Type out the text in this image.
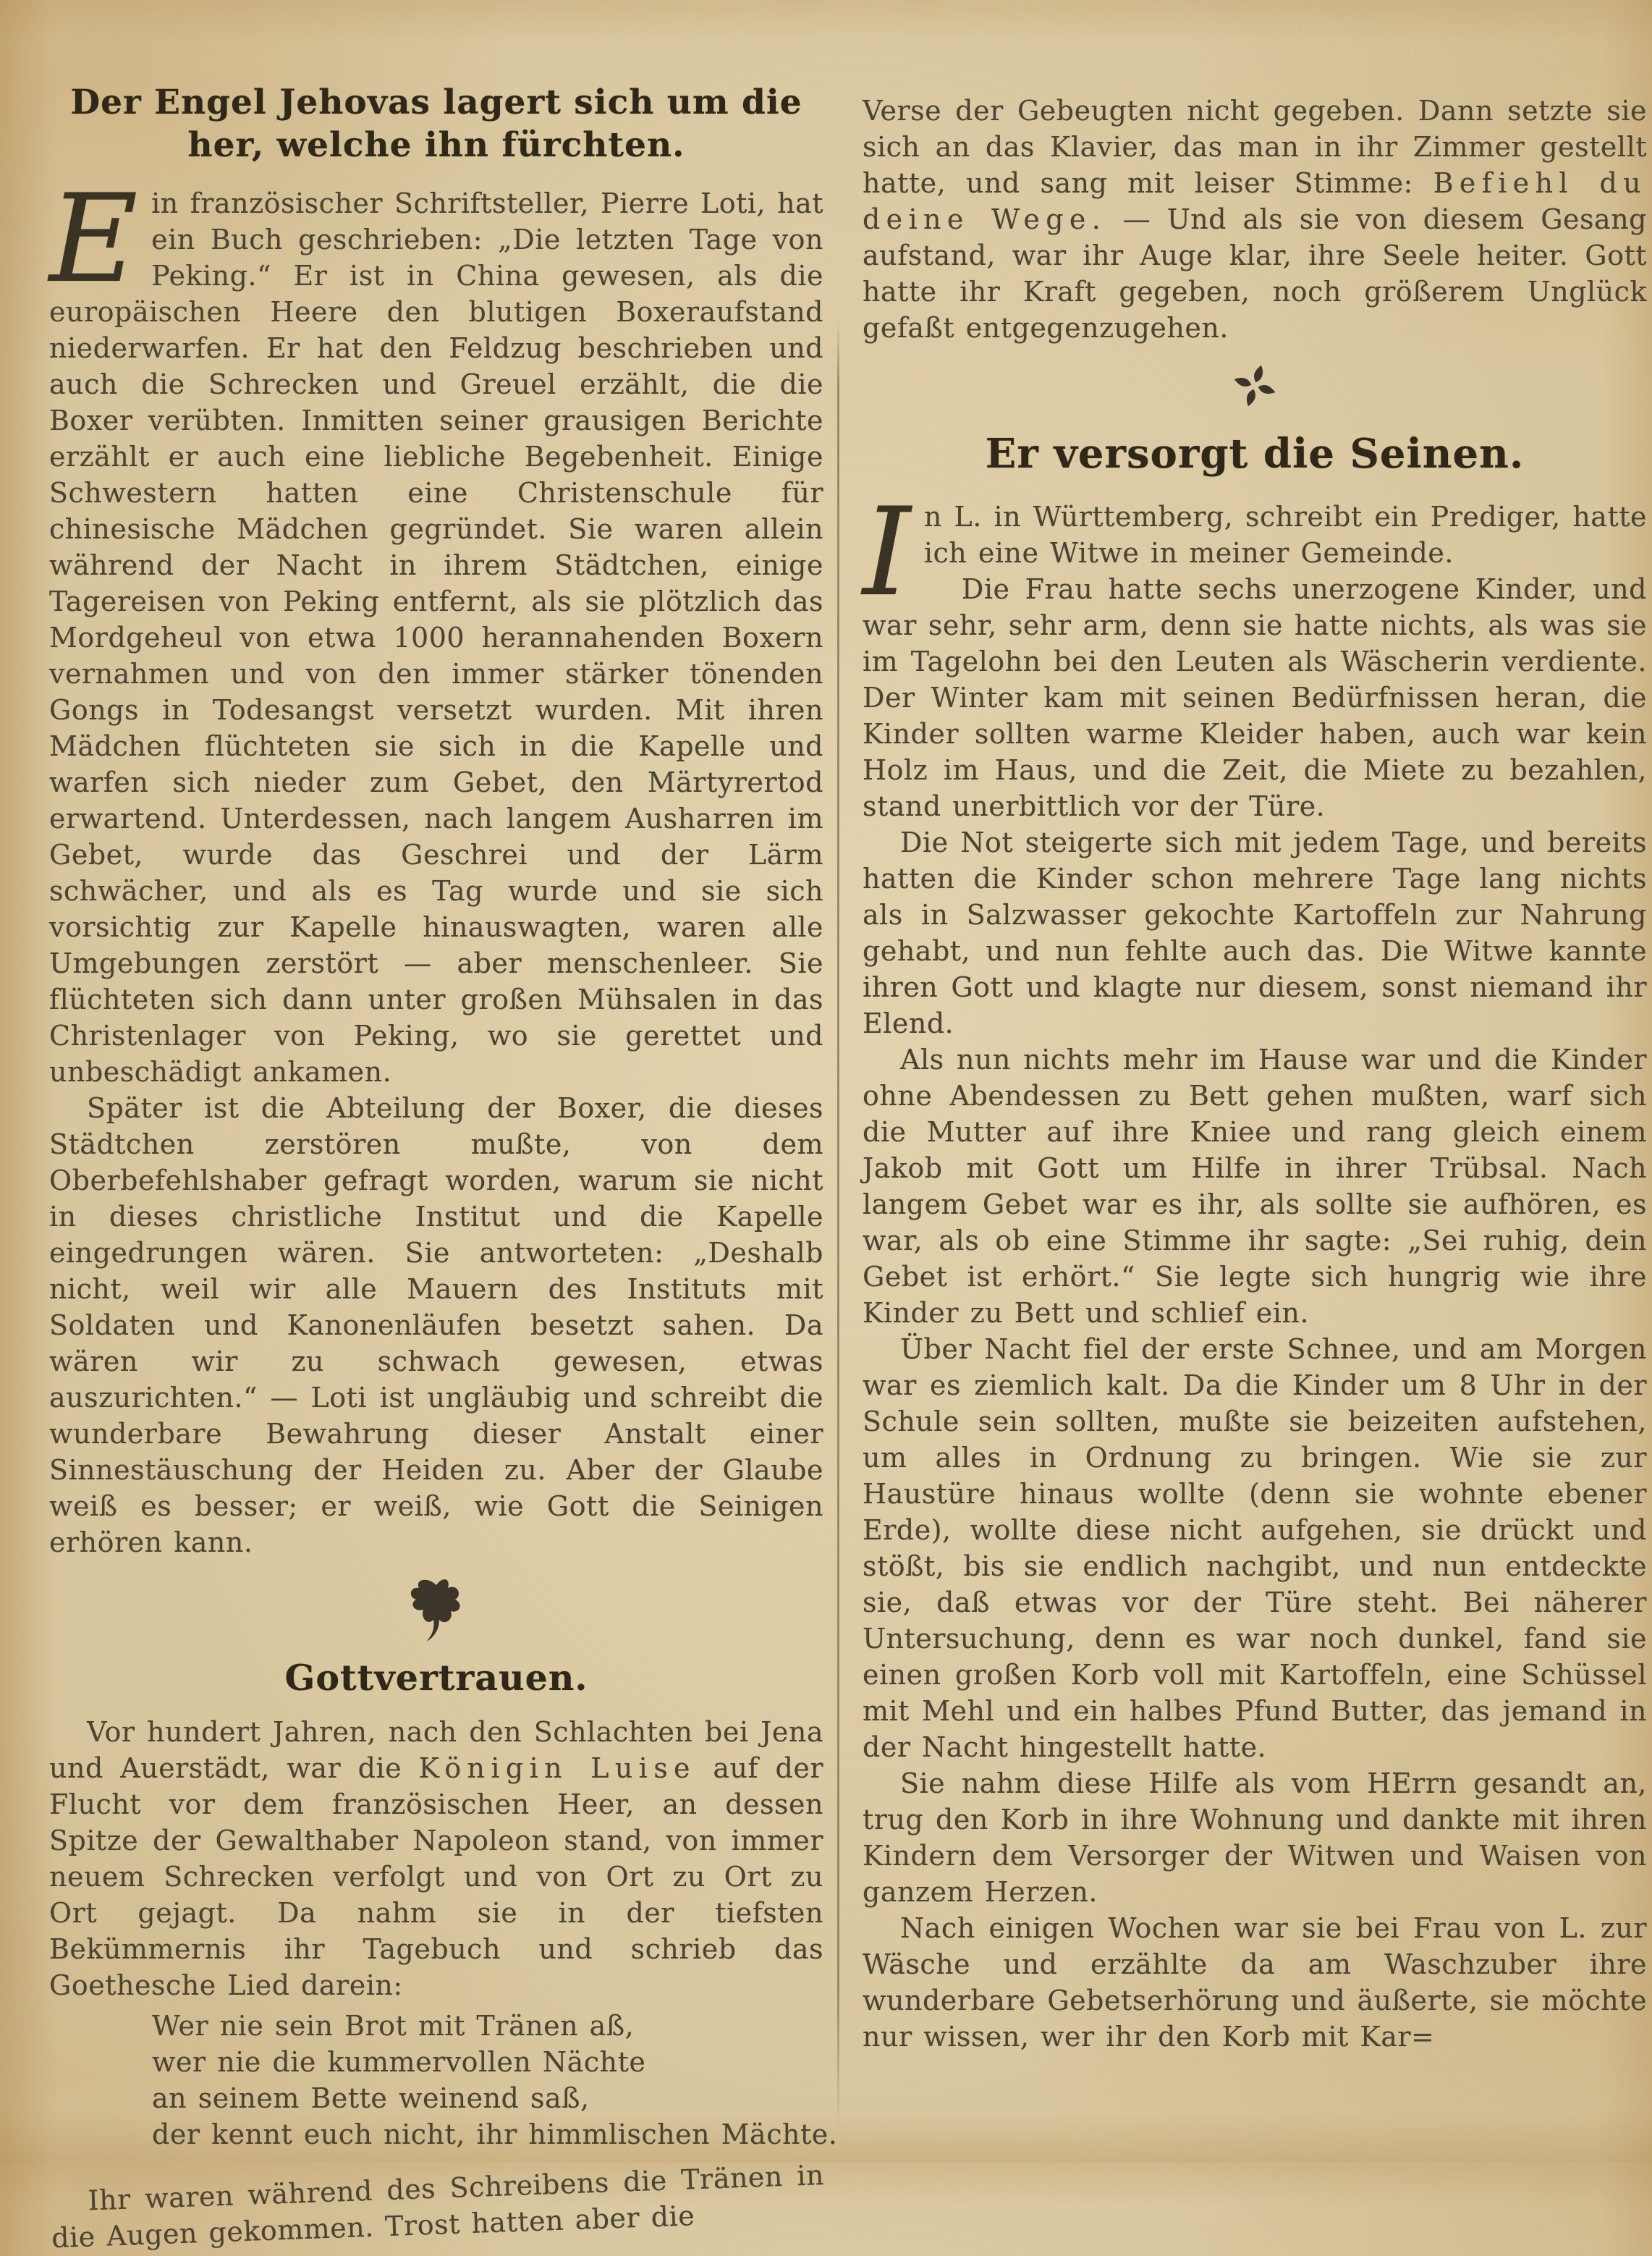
Der Engel Jehovas lagert sich um die her, welche ihn fürchten.
Ein französischer Schriftsteller, Pierre Loti, hat ein Buch geschrieben: „Die letzten Tage von Peking.“ Er ist in China gewesen, als die europäischen Heere den blutigen Boxeraufstand niederwarfen. Er hat den Feldzug beschrieben und auch die Schrecken und Greuel erzählt, die die Boxer verübten. Inmitten seiner grausigen Berichte erzählt er auch eine liebliche Begebenheit. Einige Schwestern hatten eine Christenschule für chinesische Mädchen gegründet. Sie waren allein während der Nacht in ihrem Städtchen, einige Tagereisen von Peking entfernt, als sie plötzlich das Mordgeheul von etwa 1000 herannahenden Boxern vernahmen und von den immer stärker tönenden Gongs in Todesangst versetzt wurden. Mit ihren Mädchen flüchteten sie sich in die Kapelle und warfen sich nieder zum Gebet, den Märtyrertod erwartend. Unterdessen, nach langem Ausharren im Gebet, wurde das Geschrei und der Lärm schwächer, und als es Tag wurde und sie sich vorsichtig zur Kapelle hinauswagten, waren alle Umgebungen zerstört — aber menschenleer. Sie flüchteten sich dann unter großen Mühsalen in das Christenlager von Peking, wo sie gerettet und unbeschädigt ankamen.
Später ist die Abteilung der Boxer, die dieses Städtchen zerstören mußte, von dem Oberbefehlshaber gefragt worden, warum sie nicht in dieses christliche Institut und die Kapelle eingedrungen wären. Sie antworteten: „Deshalb nicht, weil wir alle Mauern des Instituts mit Soldaten und Kanonenläufen besetzt sahen. Da wären wir zu schwach gewesen, etwas auszurichten.“ — Loti ist ungläubig und schreibt die wunderbare Bewahrung dieser Anstalt einer Sinnestäuschung der Heiden zu. Aber der Glaube weiß es besser; er weiß, wie Gott die Seinigen erhören kann.
Gottvertrauen.
Vor hundert Jahren, nach den Schlachten bei Jena und Auerstädt, war die Königin Luise auf der Flucht vor dem französischen Heer, an dessen Spitze der Gewalthaber Napoleon stand, von immer neuem Schrecken verfolgt und von Ort zu Ort zu Ort gejagt. Da nahm sie in der tiefsten Bekümmernis ihr Tagebuch und schrieb das Goethesche Lied darein:
Wer nie sein Brot mit Tränen aß,
wer nie die kummervollen Nächte
an seinem Bette weinend saß,
der kennt euch nicht, ihr himmlischen Mächte.
Ihr waren während des Schreibens die Tränen in die Augen gekommen. Trost hatten aber die
Verse der Gebeugten nicht gegeben. Dann setzte sie sich an das Klavier, das man in ihr Zimmer gestellt hatte, und sang mit leiser Stimme: Befiehl du deine Wege. — Und als sie von diesem Gesang aufstand, war ihr Auge klar, ihre Seele heiter. Gott hatte ihr Kraft gegeben, noch größerem Unglück gefaßt entgegenzugehen.
Er versorgt die Seinen.
In L. in Württemberg, schreibt ein Prediger, hatte ich eine Witwe in meiner Gemeinde.
Die Frau hatte sechs unerzogene Kinder, und war sehr, sehr arm, denn sie hatte nichts, als was sie im Tagelohn bei den Leuten als Wäscherin verdiente. Der Winter kam mit seinen Bedürfnissen heran, die Kinder sollten warme Kleider haben, auch war kein Holz im Haus, und die Zeit, die Miete zu bezahlen, stand unerbittlich vor der Türe.
Die Not steigerte sich mit jedem Tage, und bereits hatten die Kinder schon mehrere Tage lang nichts als in Salzwasser gekochte Kartoffeln zur Nahrung gehabt, und nun fehlte auch das. Die Witwe kannte ihren Gott und klagte nur diesem, sonst niemand ihr Elend.
Als nun nichts mehr im Hause war und die Kinder ohne Abendessen zu Bett gehen mußten, warf sich die Mutter auf ihre Kniee und rang gleich einem Jakob mit Gott um Hilfe in ihrer Trübsal. Nach langem Gebet war es ihr, als sollte sie aufhören, es war, als ob eine Stimme ihr sagte: „Sei ruhig, dein Gebet ist erhört.“ Sie legte sich hungrig wie ihre Kinder zu Bett und schlief ein.
Über Nacht fiel der erste Schnee, und am Morgen war es ziemlich kalt. Da die Kinder um 8 Uhr in der Schule sein sollten, mußte sie beizeiten aufstehen, um alles in Ordnung zu bringen. Wie sie zur Haustüre hinaus wollte (denn sie wohnte ebener Erde), wollte diese nicht aufgehen, sie drückt und stößt, bis sie endlich nachgibt, und nun entdeckte sie, daß etwas vor der Türe steht. Bei näherer Untersuchung, denn es war noch dunkel, fand sie einen großen Korb voll mit Kartoffeln, eine Schüssel mit Mehl und ein halbes Pfund Butter, das jemand in der Nacht hingestellt hatte.
Sie nahm diese Hilfe als vom HErrn gesandt an, trug den Korb in ihre Wohnung und dankte mit ihren Kindern dem Versorger der Witwen und Waisen von ganzem Herzen.
Nach einigen Wochen war sie bei Frau von L. zur Wäsche und erzählte da am Waschzuber ihre wunderbare Gebetserhörung und äußerte, sie möchte nur wissen, wer ihr den Korb mit Kar=
